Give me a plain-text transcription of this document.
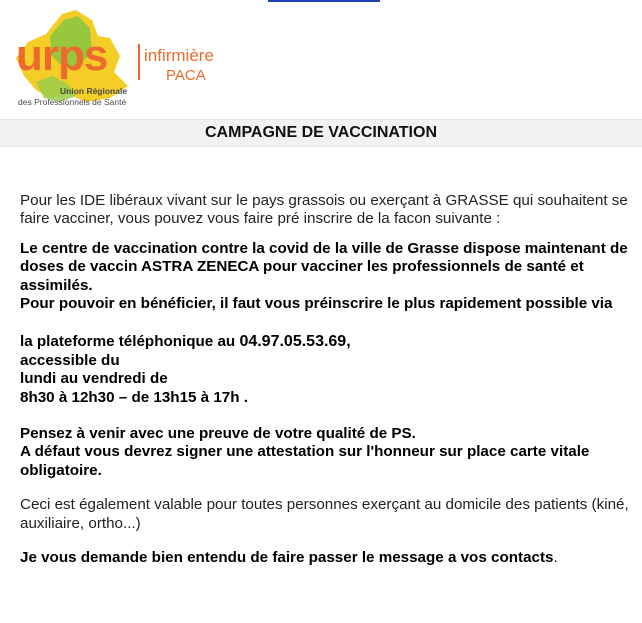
urps infirmière
PACA
Union Régionale
des Professionnels de Santé
CAMPAGNE DE VACCINATION

Pour les IDE libéraux vivant sur le pays grassois ou exerçant à GRASSE qui souhaitent se faire vacciner, vous pouvez vous faire pré inscrire de la facon suivante :

Le centre de vaccination contre la covid de la ville de Grasse dispose maintenant de doses de vaccin ASTRA ZENECA pour vacciner les professionnels de santé et assimilés.

Pour pouvoir en bénéficier, il faut vous préinscrire le plus rapidement possible via

la plateforme téléphonique au 04.97.05.53.69,

accessible du

lundi au vendredi de

8h30 à 12h30 – de 13h15 à 17h .

Pensez à venir avec une preuve de votre qualité de PS.

A défaut vous devrez signer une attestation sur l'honneur sur place carte vitale obligatoire.

Ceci est également valable pour toutes personnes exerçant au domicile des patients (kiné, auxiliaire, ortho...)

Je vous demande bien entendu de faire passer le message a vos contacts.
